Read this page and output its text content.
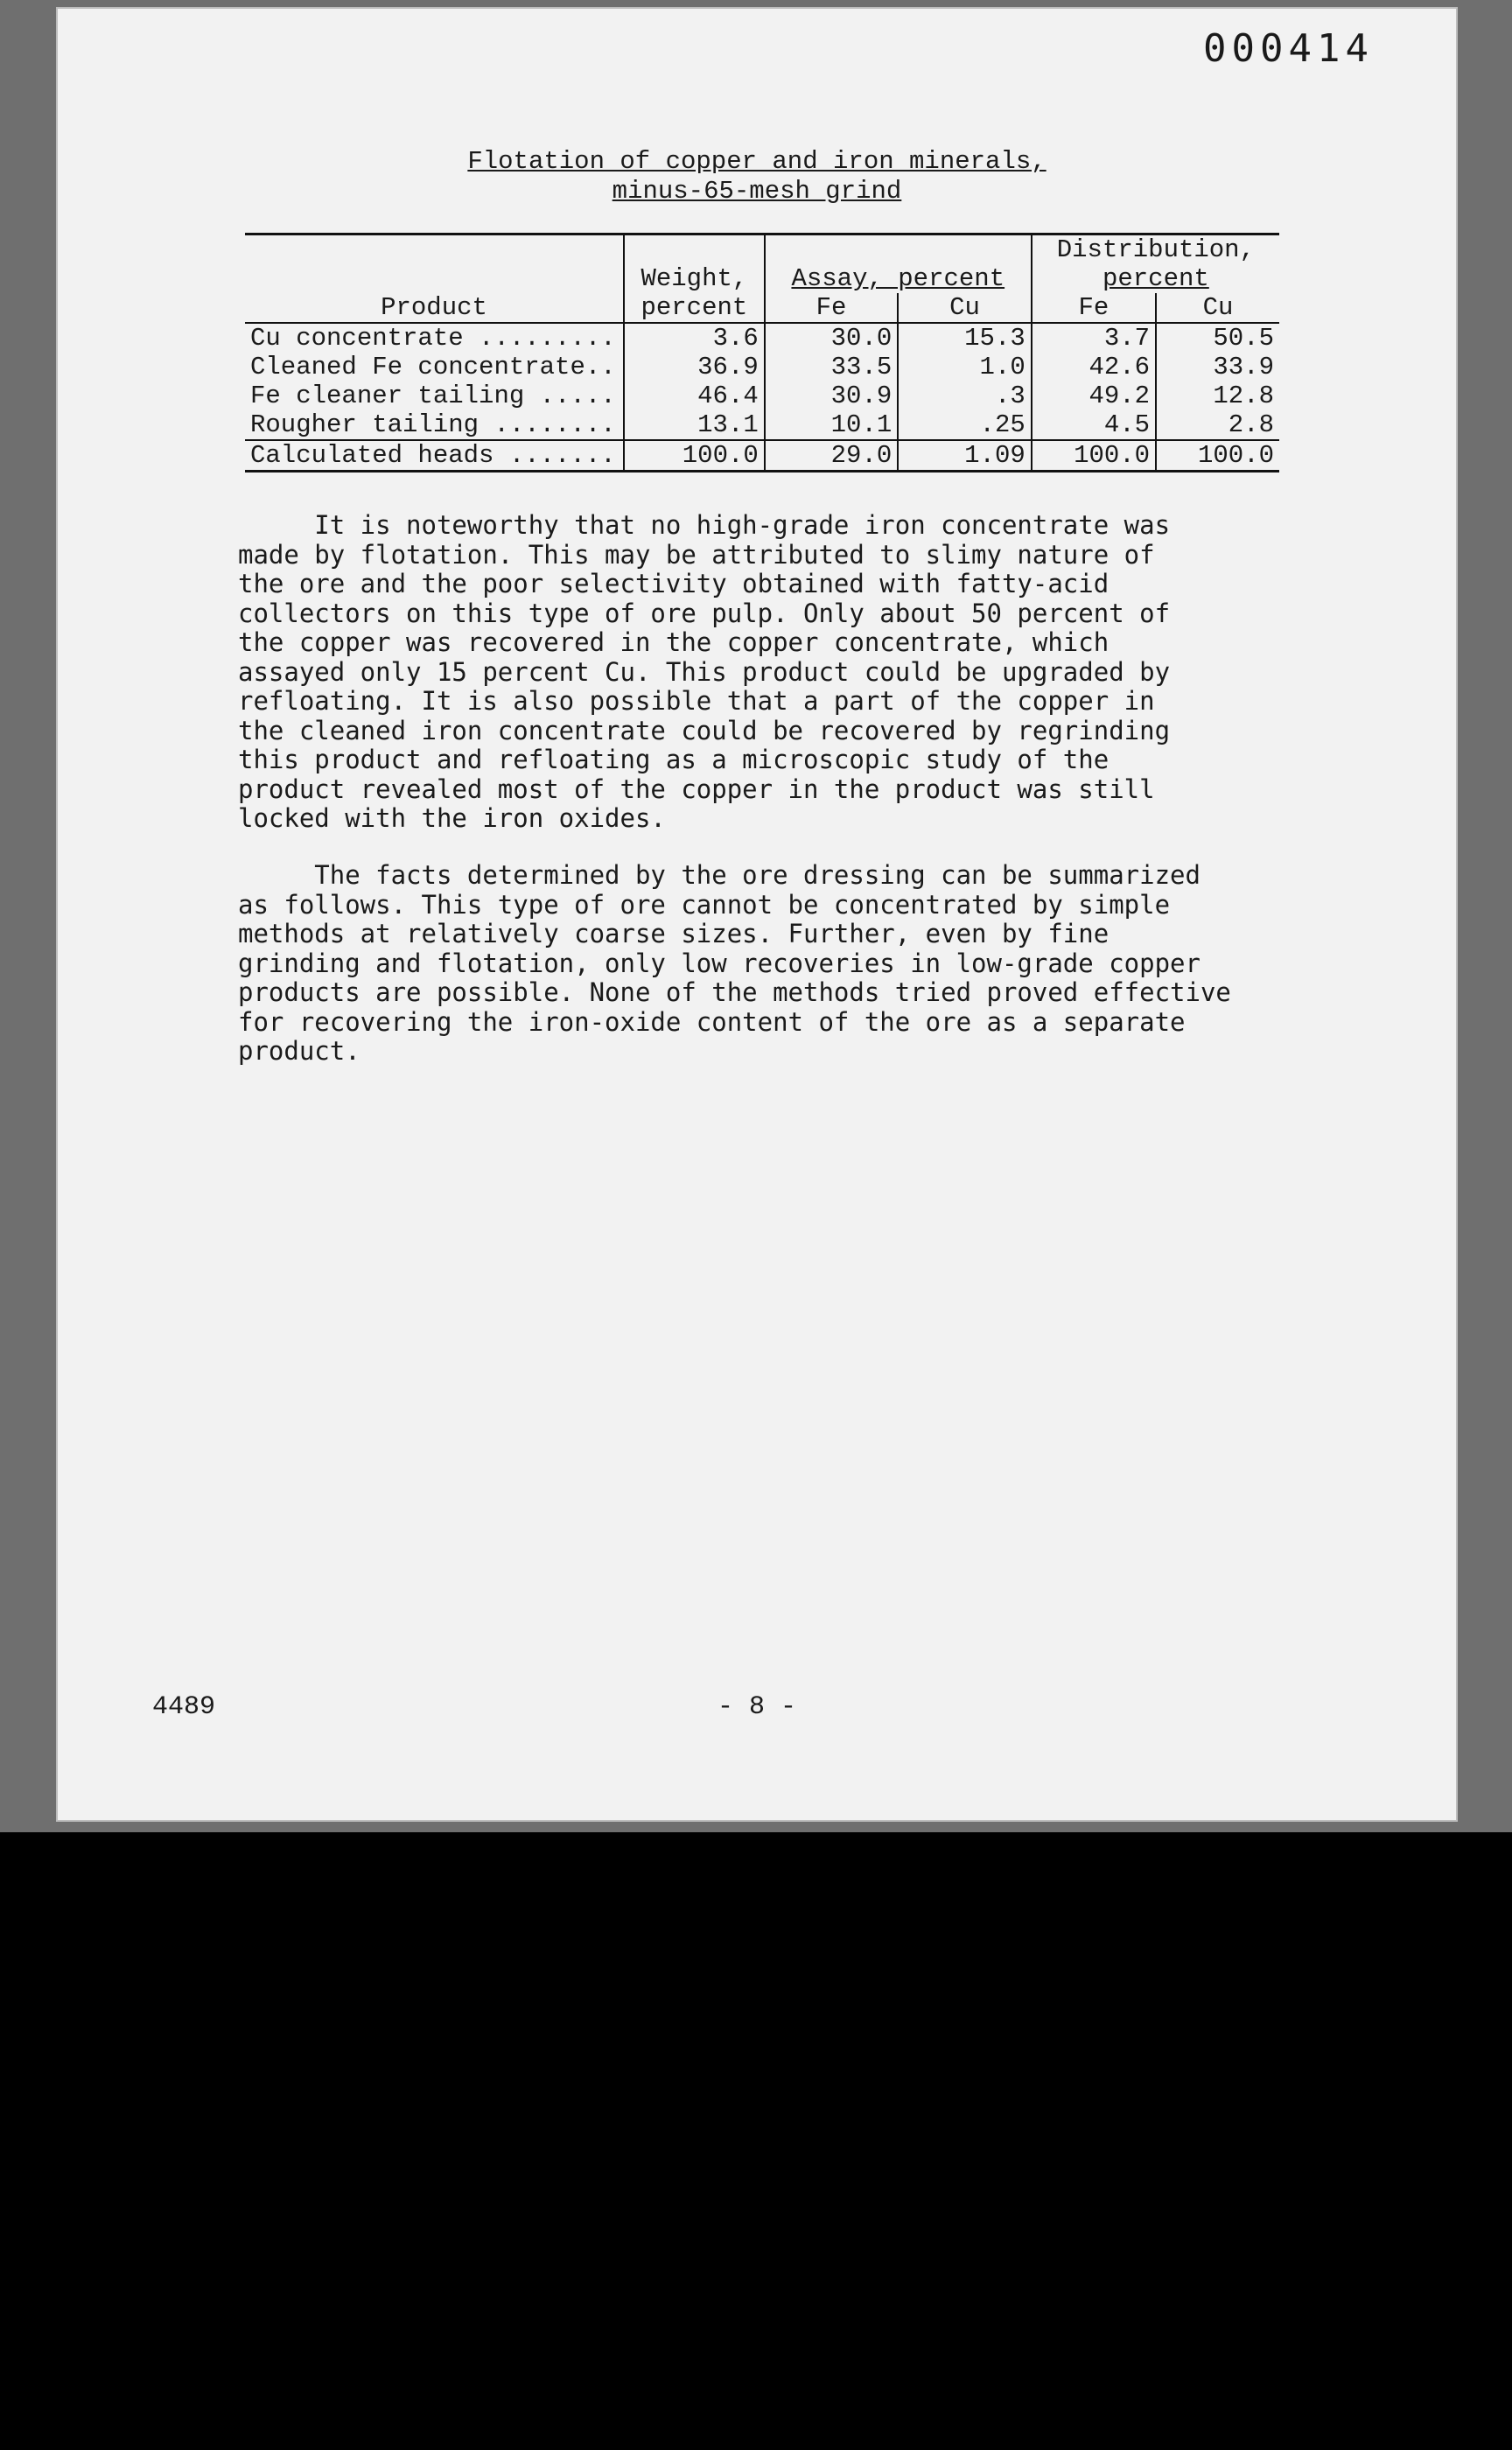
000414
Flotation of copper and iron minerals,
minus-65-mesh grind
				Distribution,	
	Weight,	Assay, percent		percent	
Product	percent	Fe	Cu	Fe	Cu
Cu concentrate .........	3.6	30.0	15.3	3.7	50.5
Cleaned Fe concentrate..	36.9	33.5	1.0	42.6	33.9
Fe cleaner tailing .....	46.4	30.9	.3	49.2	12.8
Rougher tailing ........	13.1	10.1	.25	4.5	2.8
Calculated heads .......	100.0	29.0	1.09	100.0	100.0
It is noteworthy that no high-grade iron concentrate was
made by flotation. This may be attributed to slimy nature of
the ore and the poor selectivity obtained with fatty-acid
collectors on this type of ore pulp. Only about 50 percent of
the copper was recovered in the copper concentrate, which
assayed only 15 percent Cu. This product could be upgraded by
refloating. It is also possible that a part of the copper in
the cleaned iron concentrate could be recovered by regrinding
this product and refloating as a microscopic study of the
product revealed most of the copper in the product was still
locked with the iron oxides.
The facts determined by the ore dressing can be summarized
as follows. This type of ore cannot be concentrated by simple
methods at relatively coarse sizes. Further, even by fine
grinding and flotation, only low recoveries in low-grade copper
products are possible. None of the methods tried proved effective
for recovering the iron-oxide content of the ore as a separate
product.
4489	- 8 -
